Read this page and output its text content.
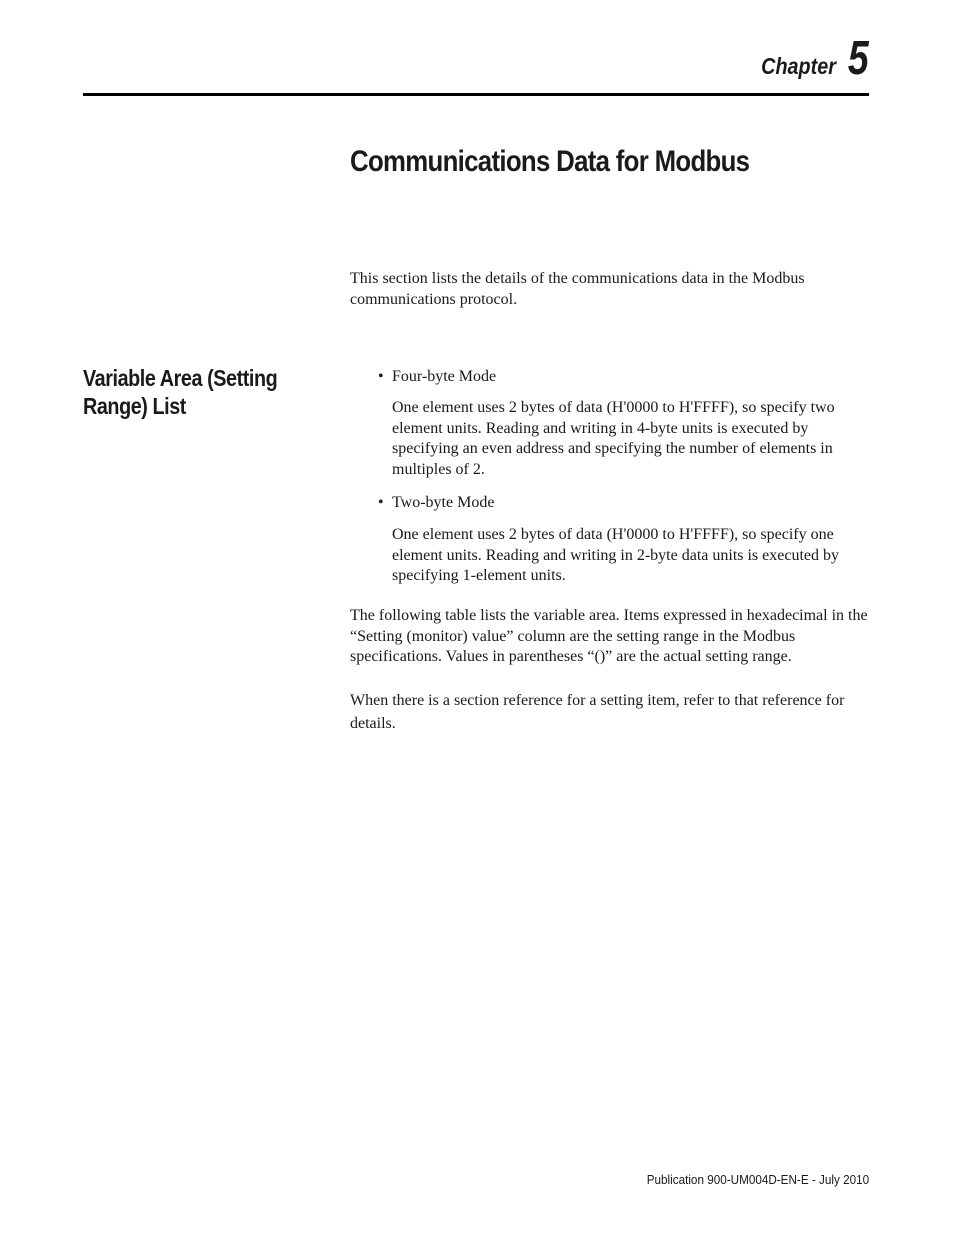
Chapter 5
Communications Data for Modbus

This section lists the details of the communications data in the Modbus communications protocol.

Variable Area (Setting Range) List
• Four-byte Mode

One element uses 2 bytes of data (H'0000 to H'FFFF), so specify two element units. Reading and writing in 4-byte units is executed by specifying an even address and specifying the number of elements in multiples of 2.

• Two-byte Mode

One element uses 2 bytes of data (H'0000 to H'FFFF), so specify one element units. Reading and writing in 2-byte data units is executed by specifying 1-element units.

The following table lists the variable area. Items expressed in hexadecimal in the “Setting (monitor) value” column are the setting range in the Modbus specifications. Values in parentheses “()” are the actual setting range.

When there is a section reference for a setting item, refer to that reference for details.

Publication 900-UM004D-EN-E - July 2010
